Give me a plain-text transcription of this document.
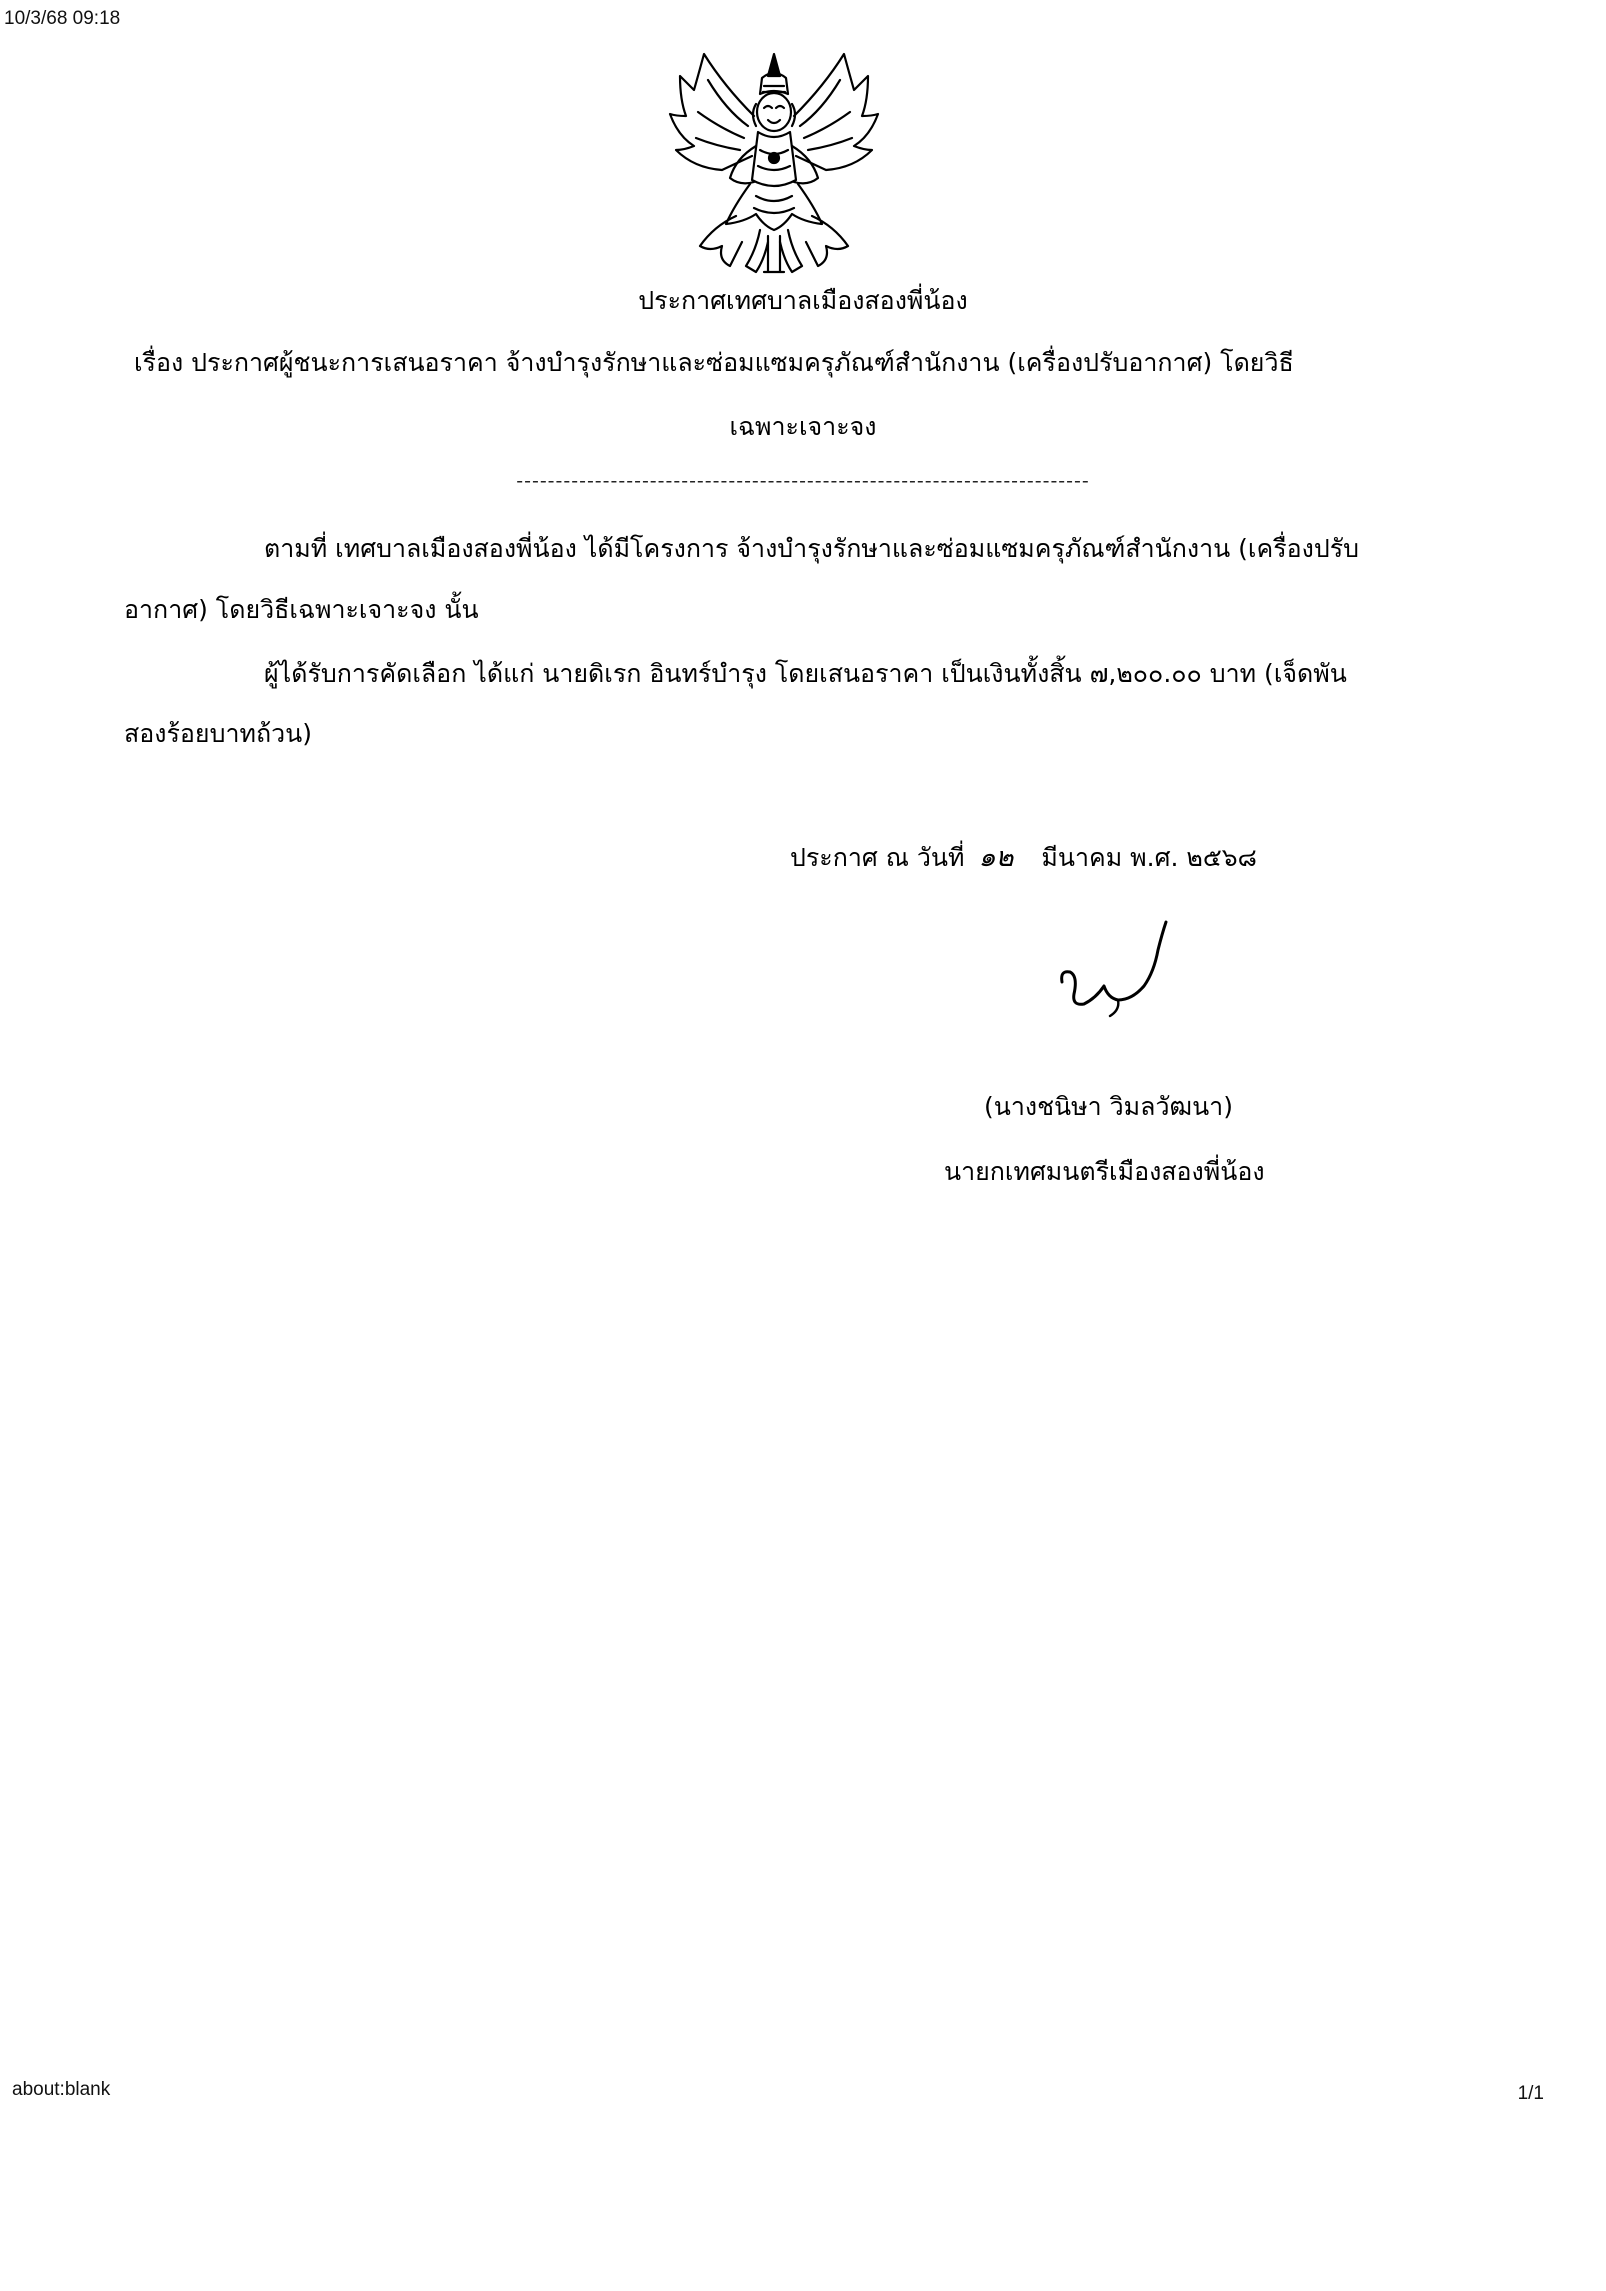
10/3/68 09:18
ประกาศเทศบาลเมืองสองพี่น้อง
เรื่อง ประกาศผู้ชนะการเสนอราคา จ้างบำรุงรักษาและซ่อมแซมครุภัณฑ์สำนักงาน (เครื่องปรับอากาศ) โดยวิธี
เฉพาะเจาะจง
-------------------------------------------------------------------------
ตามที่ เทศบาลเมืองสองพี่น้อง ได้มีโครงการ จ้างบำรุงรักษาและซ่อมแซมครุภัณฑ์สำนักงาน (เครื่องปรับ
อากาศ) โดยวิธีเฉพาะเจาะจง นั้น
ผู้ได้รับการคัดเลือก ได้แก่ นายดิเรก อินทร์บำรุง โดยเสนอราคา เป็นเงินทั้งสิ้น ๗,๒๐๐.๐๐ บาท (เจ็ดพัน
สองร้อยบาทถ้วน)
ประกาศ ณ วันที่ ๑๒ มีนาคม พ.ศ. ๒๕๖๘
(นางชนิษา วิมลวัฒนา)
นายกเทศมนตรีเมืองสองพี่น้อง
about:blank	1/1
